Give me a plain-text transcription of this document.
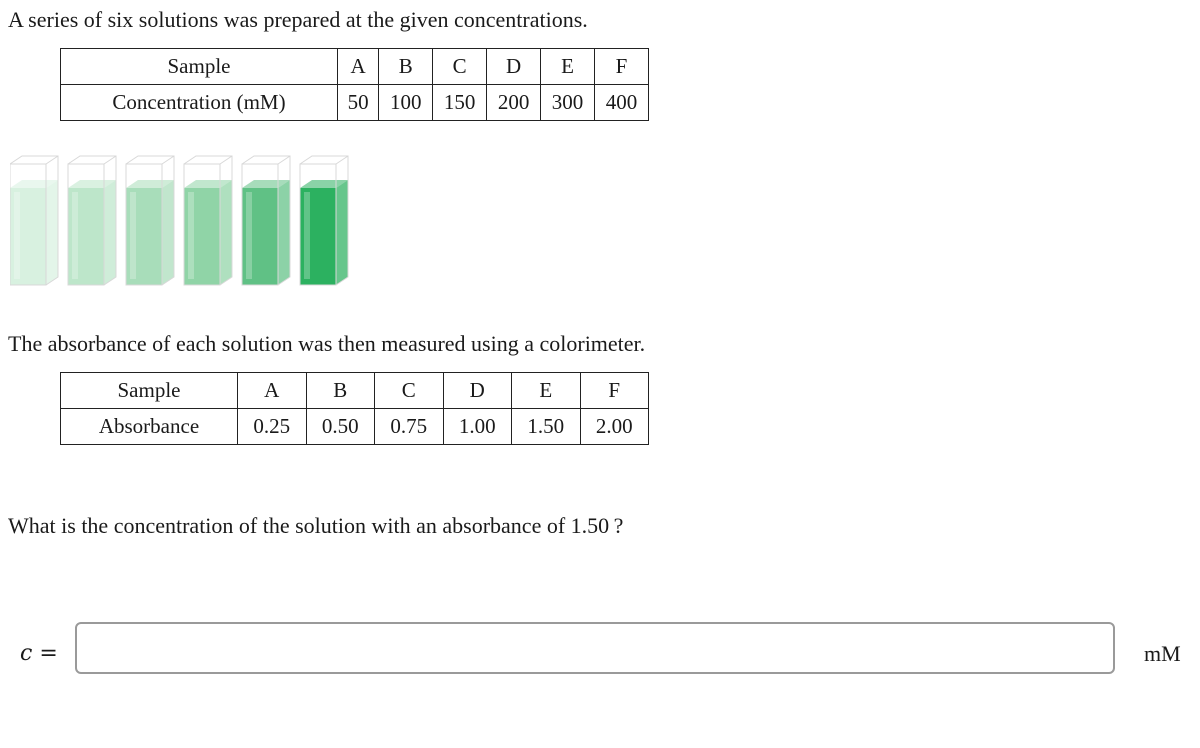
A series of six solutions was prepared at the given concentrations.

Sample	A	B	C	D	E	F
Concentration (mM)	50	100	150	200	300	400

The absorbance of each solution was then measured using a colorimeter.

Sample	A	B	C	D	E	F
Absorbance	0.25	0.50	0.75	1.00	1.50	2.00

What is the concentration of the solution with an absorbance of 1.50 ?

c =	mM
